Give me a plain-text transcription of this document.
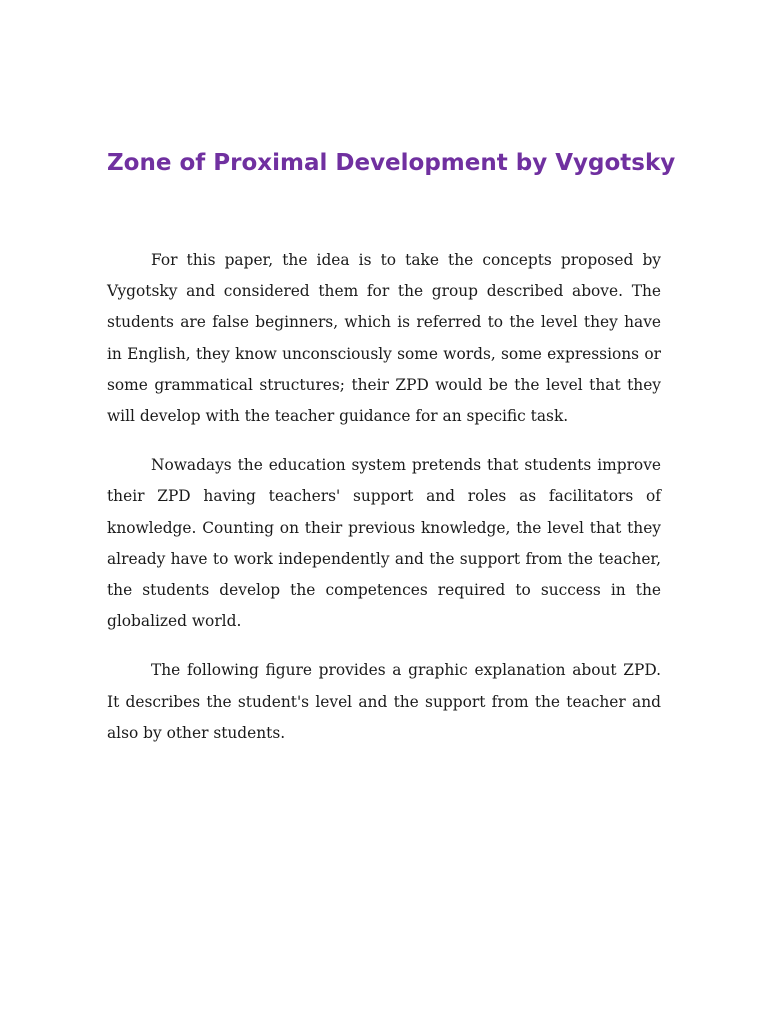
Zone of Proximal Development by Vygotsky

For this paper, the idea is to take the concepts proposed by Vygotsky and considered them for the group described above. The students are false beginners, which is referred to the level they have in English, they know unconsciously some words, some expressions or some grammatical structures; their ZPD would be the level that they will develop with the teacher guidance for an specific task.

Nowadays the education system pretends that students improve their ZPD having teachers' support and roles as facilitators of knowledge. Counting on their previous knowledge, the level that they already have to work independently and the support from the teacher, the students develop the competences required to success in the globalized world.

The following figure provides a graphic explanation about ZPD. It describes the student's level and the support from the teacher and also by other students.
